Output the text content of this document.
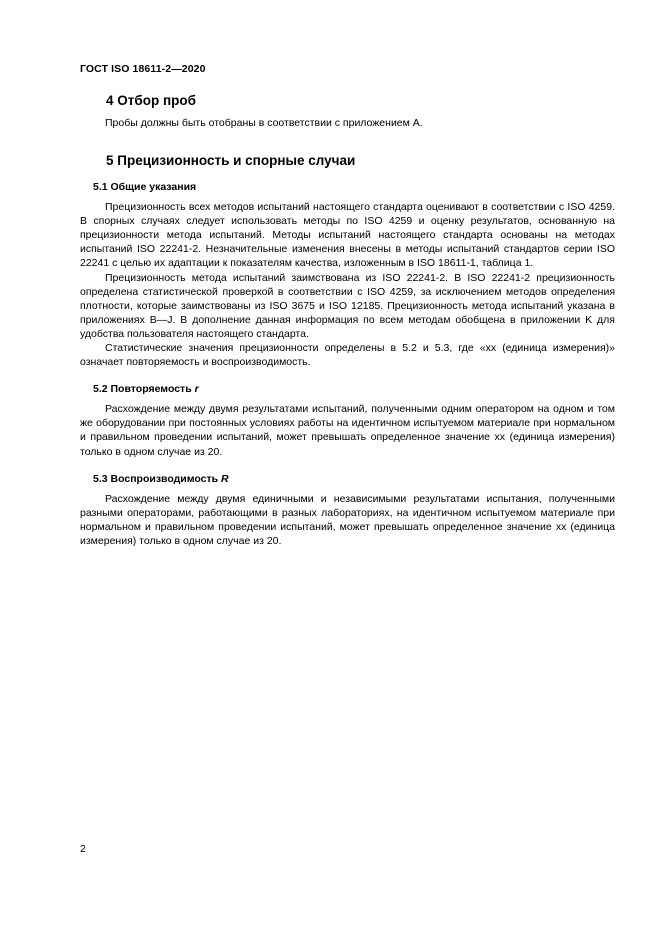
ГОСТ ISO 18611-2—2020
4 Отбор проб

Пробы должны быть отобраны в соответствии с приложением А.

5 Прецизионность и спорные случаи
5.1 Общие указания

Прецизионность всех методов испытаний настоящего стандарта оценивают в соответствии с ISO 4259. В спорных случаях следует использовать методы по ISO 4259 и оценку результатов, основанную на прецизионности метода испытаний. Методы испытаний настоящего стандарта основаны на методах испытаний ISO 22241-2. Незначительные изменения внесены в методы испытаний стандартов серии ISO 22241 с целью их адаптации к показателям качества, изложенным в ISO 18611-1, таблица 1.

Прецизионность метода испытаний заимствована из ISO 22241-2. В ISO 22241-2 прецизионность определена статистической проверкой в соответствии с ISO 4259, за исключением методов определения плотности, которые заимствованы из ISO 3675 и ISO 12185. Прецизионность метода испытаний указана в приложениях В—J. В дополнение данная информация по всем методам обобщена в приложении K для удобства пользователя настоящего стандарта.

Статистические значения прецизионности определены в 5.2 и 5.3, где «хх (единица измерения)» означает повторяемость и воспроизводимость.

5.2 Повторяемость r

Расхождение между двумя результатами испытаний, полученными одним оператором на одном и том же оборудовании при постоянных условиях работы на идентичном испытуемом материале при нормальном и правильном проведении испытаний, может превышать определенное значение хх (единица измерения) только в одном случае из 20.

5.3 Воспроизводимость R

Расхождение между двумя единичными и независимыми результатами испытания, полученными разными операторами, работающими в разных лабораториях, на идентичном испытуемом материале при нормальном и правильном проведении испытаний, может превышать определенное значение хх (единица измерения) только в одном случае из 20.

2
